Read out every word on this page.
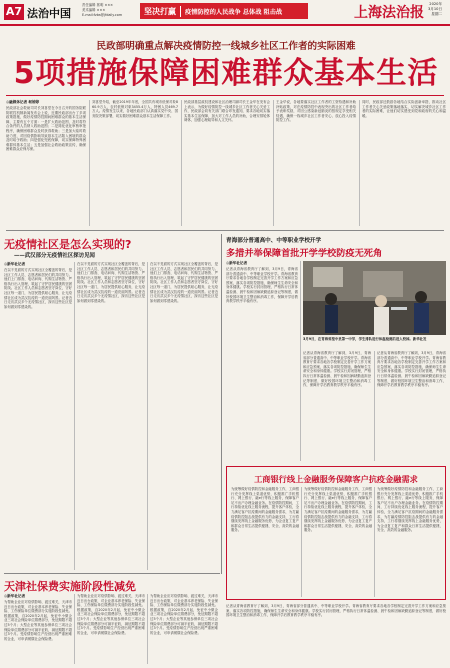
A7 法治中国
责任编辑 郭明 ×××
美术编辑 ×××
E-mail:fzbs@jfdaily.com	坚决打赢	疫情防控的人民战争 总体战 阻击战	上海法治报
2020年
3月10日
星期二
民政部明确重点解决疫情防控一线城乡社区工作者的实际困难
5项措施保障困难群众基本生活
◎融媒体记者 柯婷婷
民政部社会救助司司长刘喜堂在今日召开的国务院联防联控机制新闻发布会上说，近期民政部出台了多项政策措施，做好疫情防控期间困难群众的基本生活保障，主要有五个方面：一是扩大救助范围，及时将符合条件的人员纳入救助范围；二是简化优化审核审批程序，确保困难群众及时获得救助；三是加大临时救助力度，对因疫情影响导致基本生活陷入困境的群众及时给予救助；四是强化兜底保障，切实保障特殊困难群体基本生活；五是加强社会救助政策宣传，确保困难群众应保尽保。
刘喜堂介绍，截至2019年年底，全国共有城市低保对象860.9万人，农村低保对象3455.4万人，特困人员469.7万人。疫情发生以来，各地民政部门认真落实党中央、国务院决策部署，切实做好困难群众基本生活保障工作。
民政部基层政权建设和社区治理司副司长王金华在发布会上表示，为做好疫情防控一线城乡社区工作者关心关爱工作，民政部会同有关部门联合印发通知，要求各地切实落实基本生活保障，加大对工作人员的补助，合理安排轮休调休，加强心理疏导和人文关怀。
王金华说，各地要落实社区工作者的工资待遇和补助补贴政策，对在疫情防控中表现突出的社区工作者给予表彰奖励，对因公感染新冠肺炎的按规定享受相关待遇，确保一线城乡社区工作者安心、放心投入疫情防控工作。
同时，民政部还鼓励各地结合实际创新举措，推动社区工作者关心关爱政策落地落实，切实解决城乡社区工作者的实际困难，让他们切实感受到党和政府的关心和温暖。
无疫情社区是怎么实现的?
——武汉部分无疫情社区探访见闻
◎新华社记者
在以不见面的方式实现社区全覆盖的背后，是社区工作人员、志愿者和居民们的共同努力。他们上门排查、电话问询、代购生活物资、严格执行出入管理，筑起了守护居民健康的坚固防线。社区工作人员和志愿者坚守岗位，守好社区每一道门，为居民提供贴心服务，让无疫情社区成为武汉抗疫的一道亮丽风景。记者近日走访武汉多个无疫情社区，探访这些社区是如何做到零感染的。
在以不见面的方式实现社区全覆盖的背后，是社区工作人员、志愿者和居民们的共同努力。他们上门排查、电话问询、代购生活物资、严格执行出入管理，筑起了守护居民健康的坚固防线。社区工作人员和志愿者坚守岗位，守好社区每一道门，为居民提供贴心服务，让无疫情社区成为武汉抗疫的一道亮丽风景。记者近日走访武汉多个无疫情社区，探访这些社区是如何做到零感染的。
在以不见面的方式实现社区全覆盖的背后，是社区工作人员、志愿者和居民们的共同努力。他们上门排查、电话问询、代购生活物资、严格执行出入管理，筑起了守护居民健康的坚固防线。社区工作人员和志愿者坚守岗位，守好社区每一道门，为居民提供贴心服务，让无疫情社区成为武汉抗疫的一道亮丽风景。记者近日走访武汉多个无疫情社区，探访这些社区是如何做到零感染的。
青海部分普通高中、中等职业学校开学
多措并举保障首批开学学校防疫无死角
◎新华社记者
记者从青海省教育厅了解到，3月9日，青海省部分普通高中、中等职业学校开学。青海省教育厅要求各地各学校制定完善开学工作方案和应急预案，落实各项防控措施，确保师生生命安全和身体健康。学校实行封闭管理，严格执行日常体温检测、晨午检和因病缺勤追踪登记等制度，做好校园环境卫生整治和消毒工作，保障开学后教育教学秩序平稳有序。
3月9日，在青海省湟中县第一中学，学生排队进行体温检测后进入校园。新华社发
记者从青海省教育厅了解到，3月9日，青海省部分普通高中、中等职业学校开学。青海省教育厅要求各地各学校制定完善开学工作方案和应急预案，落实各项防控措施，确保师生生命安全和身体健康。学校实行封闭管理，严格执行日常体温检测、晨午检和因病缺勤追踪登记等制度，做好校园环境卫生整治和消毒工作，保障开学后教育教学秩序平稳有序。
记者从青海省教育厅了解到，3月9日，青海省部分普通高中、中等职业学校开学。青海省教育厅要求各地各学校制定完善开学工作方案和应急预案，落实各项防控措施，确保师生生命安全和身体健康。学校实行封闭管理，严格执行日常体温检测、晨午检和因病缺勤追踪登记等制度，做好校园环境卫生整治和消毒工作，保障开学后教育教学秩序平稳有序。
工商银行线上金融服务保障客户抗疫金融需求
为统筹做好疫情防控和金融服务工作，工商银行充分发挥线上渠道优势，积极推广手机银行、网上银行、融e行等线上服务，保障客户足不出户办理金融业务。在疫情防控期间，工行持续优化线上服务流程，提升客户体验，全力满足客户抗疫期间的金融服务需求，为打赢疫情防控阻击战提供有力的金融支持，工行将继续发挥线上金融服务优势，为企业复工复产和群众日常生活提供便捷、安全、高效的金融服务。
为统筹做好疫情防控和金融服务工作，工商银行充分发挥线上渠道优势，积极推广手机银行、网上银行、融e行等线上服务，保障客户足不出户办理金融业务。在疫情防控期间，工行持续优化线上服务流程，提升客户体验，全力满足客户抗疫期间的金融服务需求，为打赢疫情防控阻击战提供有力的金融支持，工行将继续发挥线上金融服务优势，为企业复工复产和群众日常生活提供便捷、安全、高效的金融服务。
为统筹做好疫情防控和金融服务工作，工商银行充分发挥线上渠道优势，积极推广手机银行、网上银行、融e行等线上服务，保障客户足不出户办理金融业务。在疫情防控期间，工行持续优化线上服务流程，提升客户体验，全力满足客户抗疫期间的金融服务需求，为打赢疫情防控阻击战提供有力的金融支持，工行将继续发挥线上金融服务优势，为企业复工复产和群众日常生活提供便捷、安全、高效的金融服务。
天津社保费实施阶段性减免
◎新华社记者
为帮助企业应对疫情影响、渡过难关，天津市近日出台政策，对企业基本养老保险、失业保险、工伤保险单位缴费部分实施阶段性减免。根据政策，自2020年2月起，免征中小微企业三项社会保险单位缴费部分，免征期限不超过5个月；大型企业等其他参保单位三项社会保险单位缴费部分可减半征收，减征期限不超过3个月。受疫情影响生产经营出现严重困难的企业，可申请缓缴社会保险费。
为帮助企业应对疫情影响、渡过难关，天津市近日出台政策，对企业基本养老保险、失业保险、工伤保险单位缴费部分实施阶段性减免。根据政策，自2020年2月起，免征中小微企业三项社会保险单位缴费部分，免征期限不超过5个月；大型企业等其他参保单位三项社会保险单位缴费部分可减半征收，减征期限不超过3个月。受疫情影响生产经营出现严重困难的企业，可申请缓缴社会保险费。
为帮助企业应对疫情影响、渡过难关，天津市近日出台政策，对企业基本养老保险、失业保险、工伤保险单位缴费部分实施阶段性减免。根据政策，自2020年2月起，免征中小微企业三项社会保险单位缴费部分，免征期限不超过5个月；大型企业等其他参保单位三项社会保险单位缴费部分可减半征收，减征期限不超过3个月。受疫情影响生产经营出现严重困难的企业，可申请缓缴社会保险费。
记者从青海省教育厅了解到，3月9日，青海省部分普通高中、中等职业学校开学。青海省教育厅要求各地各学校制定完善开学工作方案和应急预案，落实各项防控措施，确保师生生命安全和身体健康。学校实行封闭管理，严格执行日常体温检测、晨午检和因病缺勤追踪登记等制度，做好校园环境卫生整治和消毒工作，保障开学后教育教学秩序平稳有序。
